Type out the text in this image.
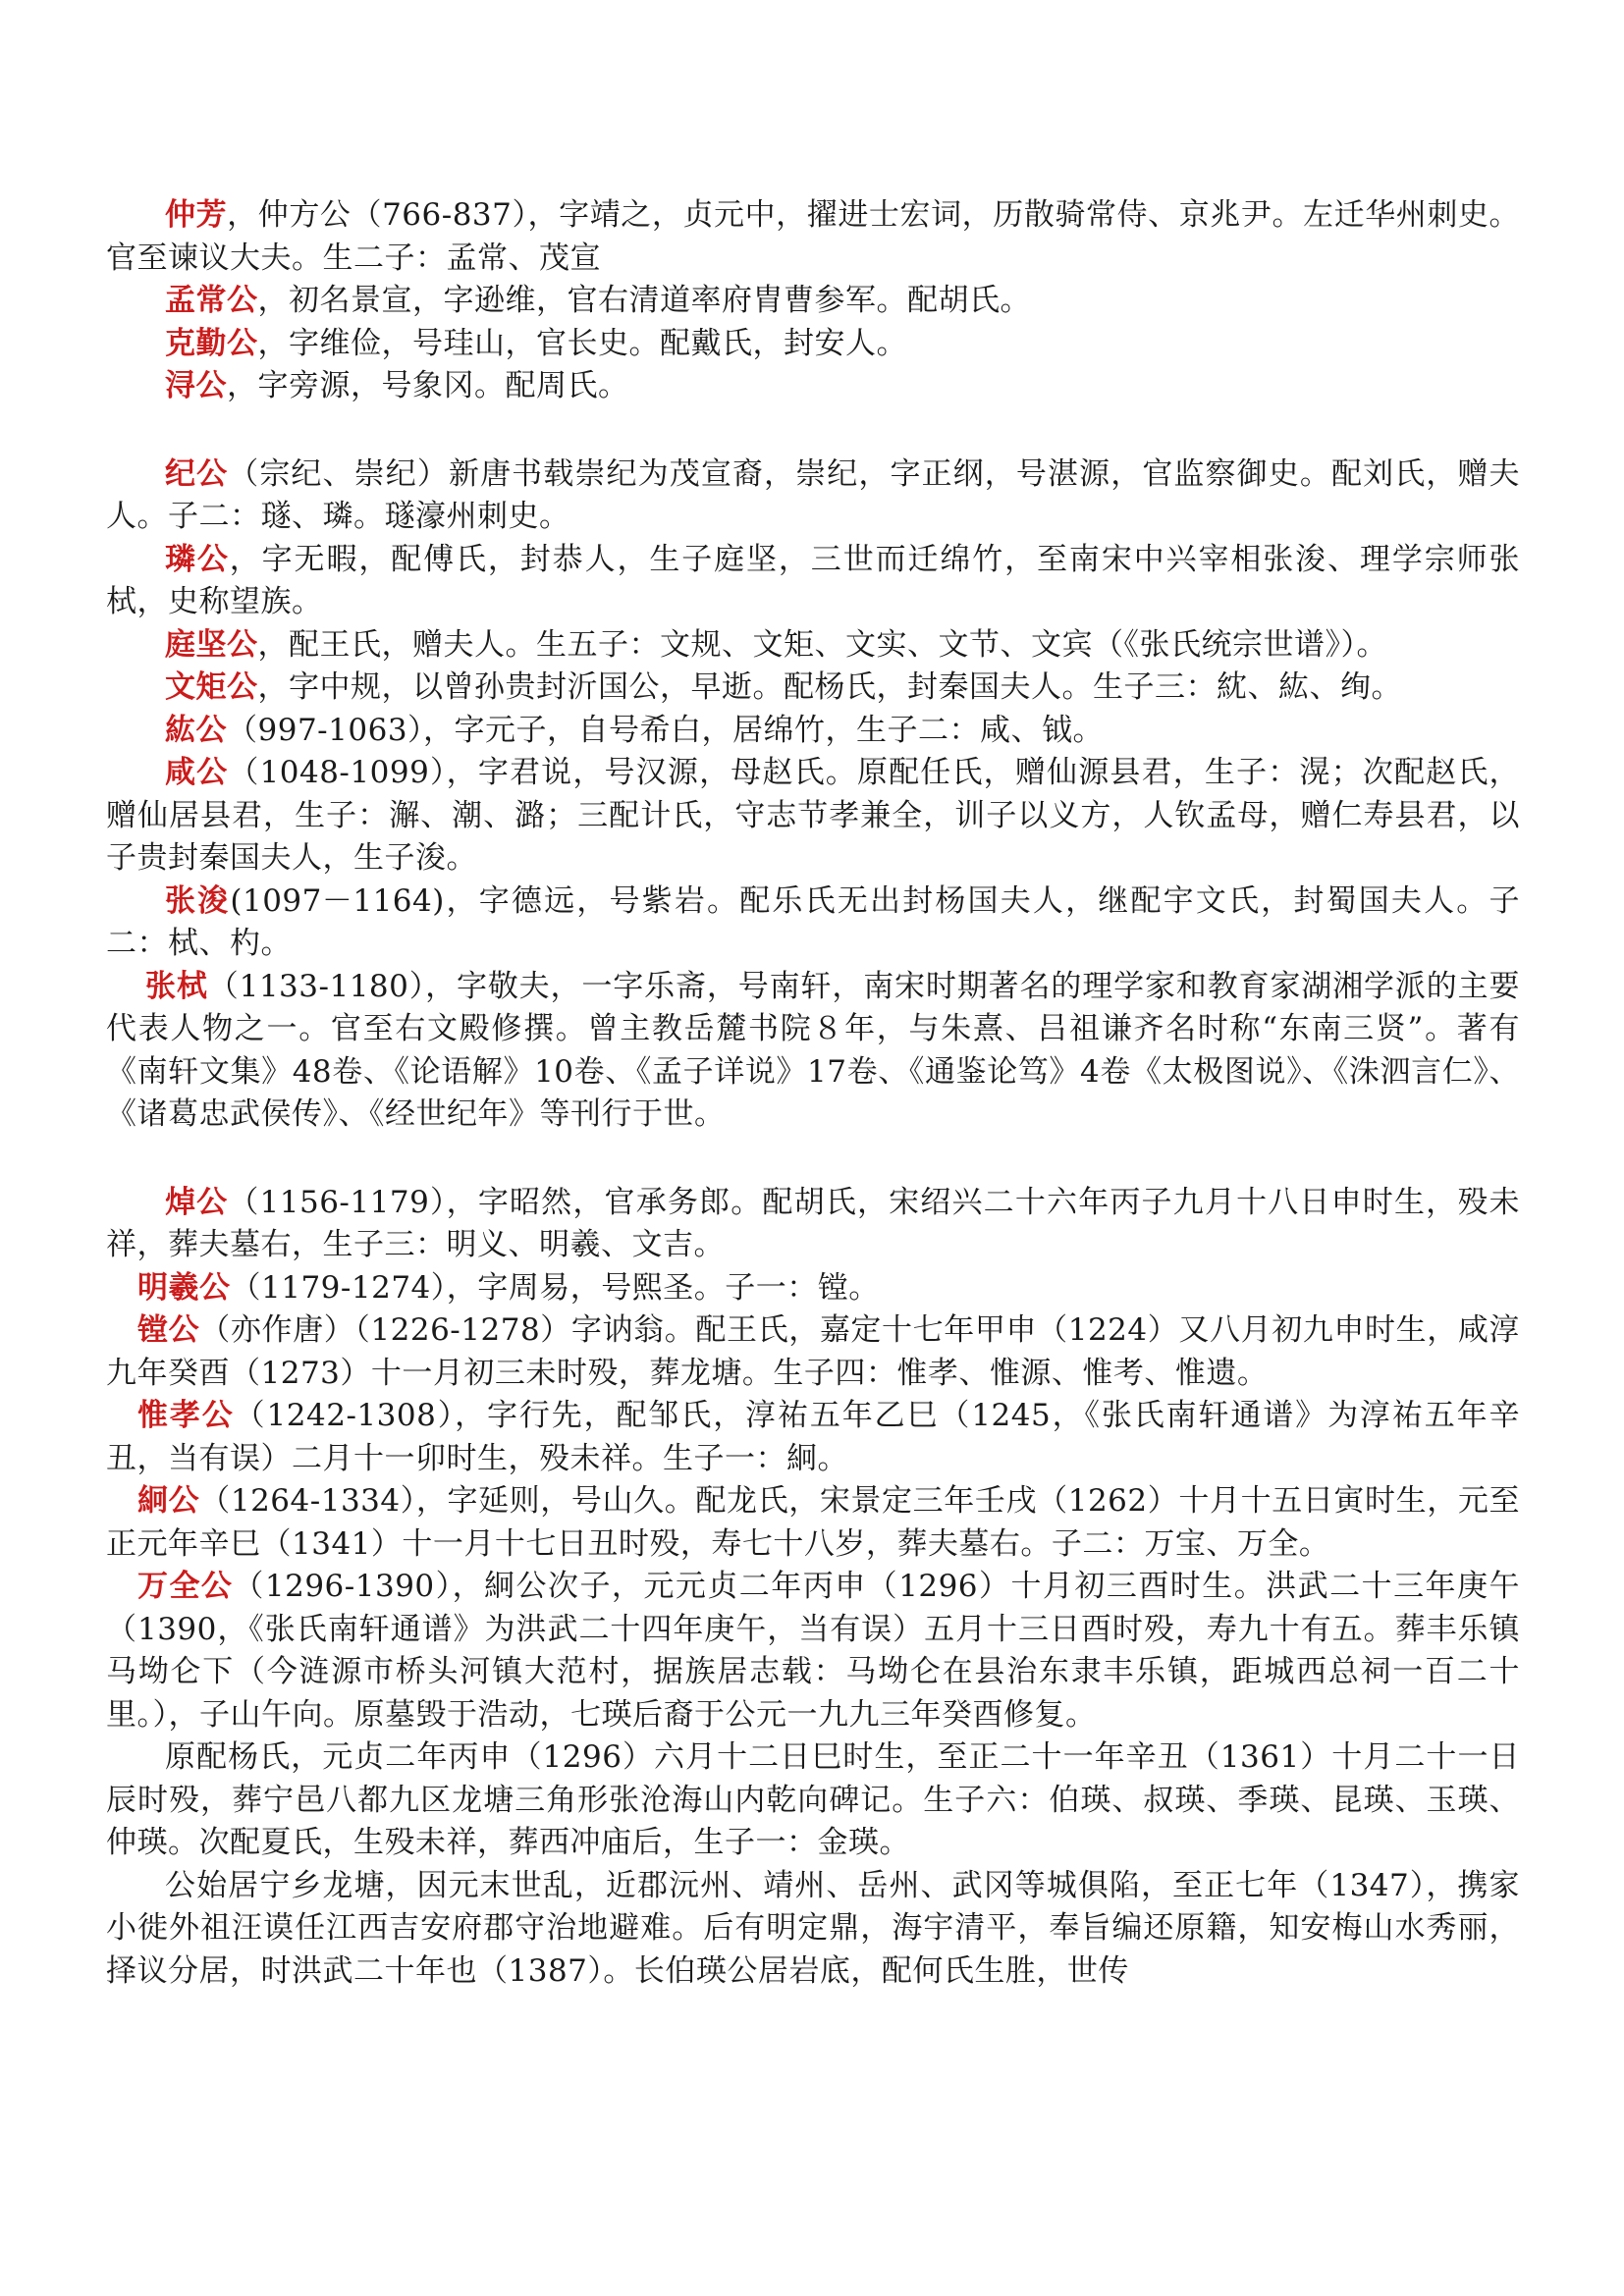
仲芳，仲方公（766-837），字靖之，贞元中，擢进士宏词，历散骑常侍、京兆尹。左迁华州刺史。官至谏议大夫。生二子：孟常、茂宣

孟常公，初名景宣，字逊维，官右清道率府胄曹参军。配胡氏。

克勤公，字维俭，号珪山，官长史。配戴氏，封安人。

浔公，字旁源，号象冈。配周氏。

纪公（宗纪、崇纪）新唐书载崇纪为茂宣裔，崇纪，字正纲，号湛源，官监察御史。配刘氏，赠夫人。子二：璲、璘。璲濠州刺史。

璘公，字无暇，配傅氏，封恭人，生子庭坚，三世而迁绵竹，至南宋中兴宰相张浚、理学宗师张栻，史称望族。

庭坚公，配王氏，赠夫人。生五子：文规、文矩、文实、文节、文宾（《张氏统宗世谱》）。

文矩公，字中规，以曾孙贵封沂国公，早逝。配杨氏，封秦国夫人。生子三：紞、紘、绚。

紘公（997-1063），字元子，自号希白，居绵竹，生子二：咸、钺。

咸公（1048-1099），字君说，号汉源，母赵氏。原配任氏，赠仙源县君，生子：滉；次配赵氏，赠仙居县君，生子：澥、潮、潞；三配计氏，守志节孝兼全，训子以义方，人钦孟母，赠仁寿县君，以子贵封秦国夫人，生子浚。

张浚(1097－1164)，字德远，号紫岩。配乐氏无出封杨国夫人，继配宇文氏，封蜀国夫人。子二：栻、杓。

张栻（1133-1180），字敬夫，一字乐斋，号南轩，南宋时期著名的理学家和教育家湖湘学派的主要代表人物之一。官至右文殿修撰。曾主教岳麓书院８年，与朱熹、吕祖谦齐名时称“东南三贤”。著有《南轩文集》48卷、《论语解》10卷、《孟子详说》17卷、《通鉴论笃》4卷《太极图说》、《洙泗言仁》、《诸葛忠武侯传》、《经世纪年》等刊行于世。

焯公（1156-1179），字昭然，官承务郎。配胡氏，宋绍兴二十六年丙子九月十八日申时生，殁未祥，葬夫墓右，生子三：明义、明羲、文吉。

明羲公（1179-1274），字周易，号熙圣。子一：镗。

镗公（亦作唐）（1226-1278）字讷翁。配王氏，嘉定十七年甲申（1224）又八月初九申时生，咸淳九年癸酉（1273）十一月初三未时殁，葬龙塘。生子四：惟孝、惟源、惟考、惟遗。

惟孝公（1242-1308），字行先，配邹氏，淳祐五年乙巳（1245，《张氏南轩通谱》为淳祐五年辛丑，当有误）二月十一卯时生，殁未祥。生子一：絅。

絅公（1264-1334），字延则，号山久。配龙氏，宋景定三年壬戌（1262）十月十五日寅时生，元至正元年辛巳（1341）十一月十七日丑时殁，寿七十八岁，葬夫墓右。子二：万宝、万全。

万全公（1296-1390），絅公次子，元元贞二年丙申（1296）十月初三酉时生。洪武二十三年庚午（1390，《张氏南轩通谱》为洪武二十四年庚午，当有误）五月十三日酉时殁，寿九十有五。葬丰乐镇马坳仑下（今涟源市桥头河镇大范村，据族居志载：马坳仑在县治东隶丰乐镇，距城西总祠一百二十里。），子山午向。原墓毁于浩动，七瑛后裔于公元一九九三年癸酉修复。

原配杨氏，元贞二年丙申（1296）六月十二日巳时生，至正二十一年辛丑（1361）十月二十一日辰时殁，葬宁邑八都九区龙塘三角形张沧海山内乾向碑记。生子六：伯瑛、叔瑛、季瑛、昆瑛、玉瑛、仲瑛。次配夏氏，生殁未祥，葬西冲庙后，生子一：金瑛。

公始居宁乡龙塘，因元末世乱，近郡沅州、靖州、岳州、武冈等城俱陷，至正七年（1347），携家小徙外祖汪谟任江西吉安府郡守治地避难。后有明定鼎，海宇清平，奉旨编还原籍，知安梅山水秀丽，择议分居，时洪武二十年也（1387）。长伯瑛公居岩底，配何氏生胜，世传
